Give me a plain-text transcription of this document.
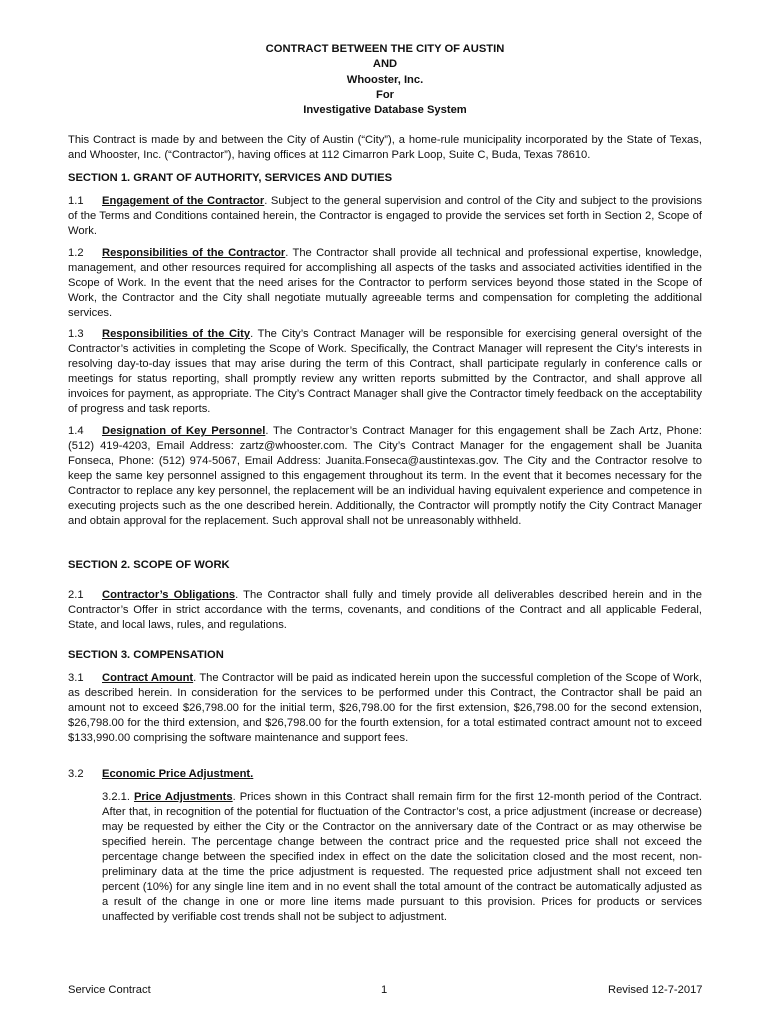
CONTRACT BETWEEN THE CITY OF AUSTIN
AND
Whooster, Inc.
For
Investigative Database System
This Contract is made by and between the City of Austin (“City”), a home-rule municipality incorporated by the State of Texas, and Whooster, Inc. (“Contractor”), having offices at 112 Cimarron Park Loop, Suite C, Buda, Texas 78610.
SECTION 1. GRANT OF AUTHORITY, SERVICES AND DUTIES
1.1 Engagement of the Contractor. Subject to the general supervision and control of the City and subject to the provisions of the Terms and Conditions contained herein, the Contractor is engaged to provide the services set forth in Section 2, Scope of Work.
1.2 Responsibilities of the Contractor. The Contractor shall provide all technical and professional expertise, knowledge, management, and other resources required for accomplishing all aspects of the tasks and associated activities identified in the Scope of Work. In the event that the need arises for the Contractor to perform services beyond those stated in the Scope of Work, the Contractor and the City shall negotiate mutually agreeable terms and compensation for completing the additional services.
1.3 Responsibilities of the City. The City’s Contract Manager will be responsible for exercising general oversight of the Contractor’s activities in completing the Scope of Work. Specifically, the Contract Manager will represent the City’s interests in resolving day-to-day issues that may arise during the term of this Contract, shall participate regularly in conference calls or meetings for status reporting, shall promptly review any written reports submitted by the Contractor, and shall approve all invoices for payment, as appropriate. The City’s Contract Manager shall give the Contractor timely feedback on the acceptability of progress and task reports.
1.4 Designation of Key Personnel. The Contractor’s Contract Manager for this engagement shall be Zach Artz, Phone: (512) 419-4203, Email Address: zartz@whooster.com. The City’s Contract Manager for the engagement shall be Juanita Fonseca, Phone: (512) 974-5067, Email Address: Juanita.Fonseca@austintexas.gov. The City and the Contractor resolve to keep the same key personnel assigned to this engagement throughout its term. In the event that it becomes necessary for the Contractor to replace any key personnel, the replacement will be an individual having equivalent experience and competence in executing projects such as the one described herein. Additionally, the Contractor will promptly notify the City Contract Manager and obtain approval for the replacement. Such approval shall not be unreasonably withheld.
SECTION 2. SCOPE OF WORK
2.1 Contractor’s Obligations. The Contractor shall fully and timely provide all deliverables described herein and in the Contractor’s Offer in strict accordance with the terms, covenants, and conditions of the Contract and all applicable Federal, State, and local laws, rules, and regulations.
SECTION 3. COMPENSATION
3.1 Contract Amount. The Contractor will be paid as indicated herein upon the successful completion of the Scope of Work, as described herein. In consideration for the services to be performed under this Contract, the Contractor shall be paid an amount not to exceed $26,798.00 for the initial term, $26,798.00 for the first extension, $26,798.00 for the second extension, $26,798.00 for the third extension, and $26,798.00 for the fourth extension, for a total estimated contract amount not to exceed $133,990.00 comprising the software maintenance and support fees.
3.2 Economic Price Adjustment.
3.2.1. Price Adjustments. Prices shown in this Contract shall remain firm for the first 12-month period of the Contract. After that, in recognition of the potential for fluctuation of the Contractor’s cost, a price adjustment (increase or decrease) may be requested by either the City or the Contractor on the anniversary date of the Contract or as may otherwise be specified herein. The percentage change between the contract price and the requested price shall not exceed the percentage change between the specified index in effect on the date the solicitation closed and the most recent, non-preliminary data at the time the price adjustment is requested. The requested price adjustment shall not exceed ten percent (10%) for any single line item and in no event shall the total amount of the contract be automatically adjusted as a result of the change in one or more line items made pursuant to this provision. Prices for products or services unaffected by verifiable cost trends shall not be subject to adjustment.
Service Contract	1	Revised 12-7-2017
